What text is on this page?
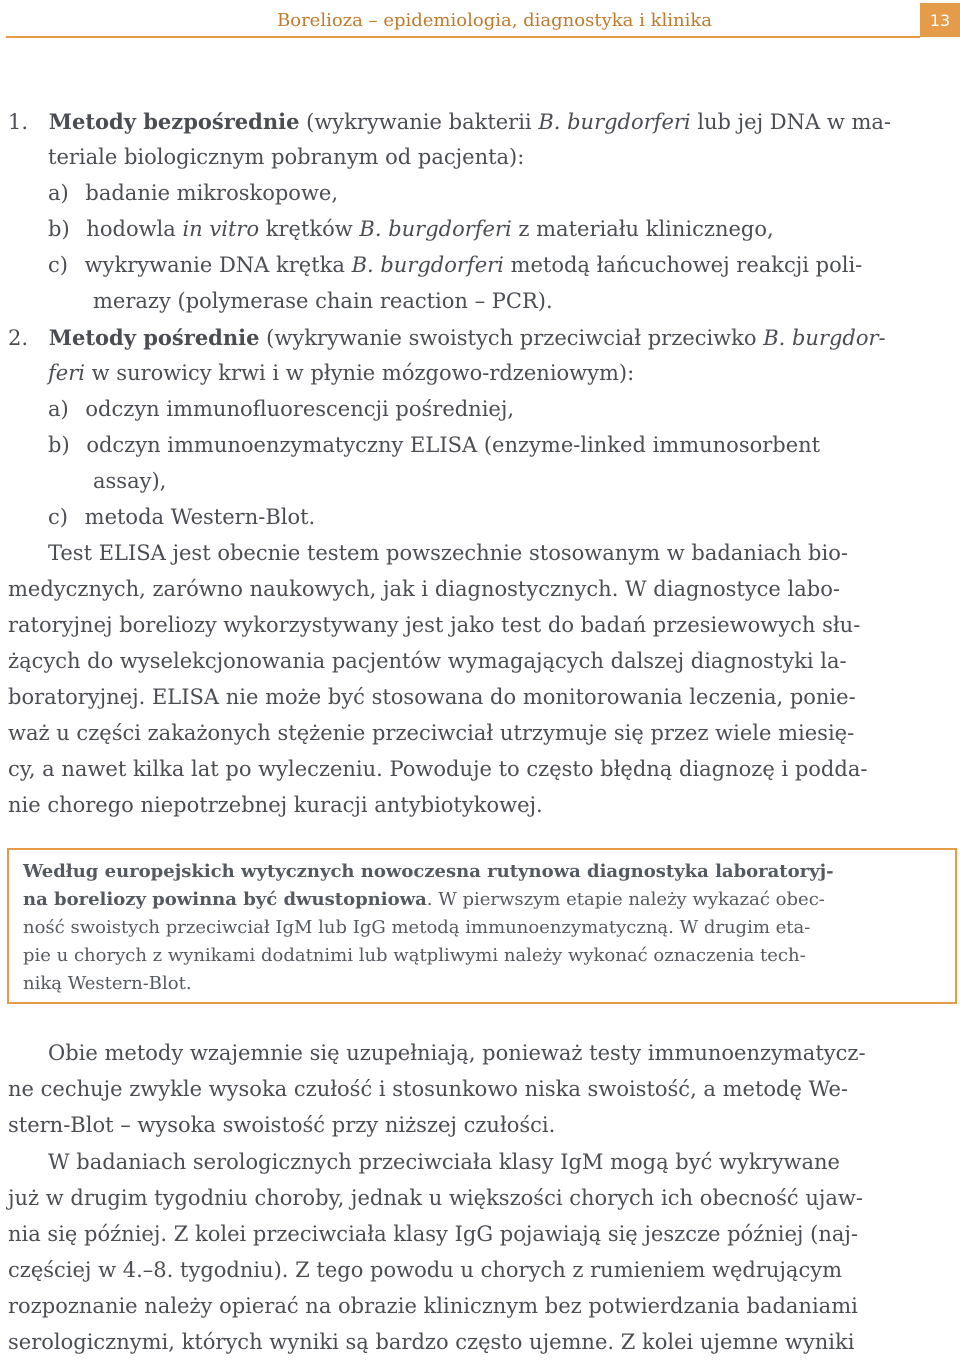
Borelioza – epidemiologia, diagnostyka i klinika	13
1. Metody bezpośrednie (wykrywanie bakterii B. burgdorferi lub jej DNA w ma-
teriale biologicznym pobranym od pacjenta):
a) badanie mikroskopowe,
b) hodowla in vitro krętków B. burgdorferi z materiału klinicznego,
c) wykrywanie DNA krętka B. burgdorferi metodą łańcuchowej reakcji poli-
merazy (polymerase chain reaction – PCR).
2. Metody pośrednie (wykrywanie swoistych przeciwciał przeciwko B. burgdor-
feri w surowicy krwi i w płynie mózgowo-rdzeniowym):
a) odczyn immunofluorescencji pośredniej,
b) odczyn immunoenzymatyczny ELISA (enzyme-linked immunosorbent
assay),
c) metoda Western-Blot.
Test ELISA jest obecnie testem powszechnie stosowanym w badaniach bio-
medycznych, zarówno naukowych, jak i diagnostycznych. W diagnostyce labo-
ratoryjnej boreliozy wykorzystywany jest jako test do badań przesiewowych słu-
żących do wyselekcjonowania pacjentów wymagających dalszej diagnostyki la-
boratoryjnej. ELISA nie może być stosowana do monitorowania leczenia, ponie-
waż u części zakażonych stężenie przeciwciał utrzymuje się przez wiele miesię-
cy, a nawet kilka lat po wyleczeniu. Powoduje to często błędną diagnozę i podda-
nie chorego niepotrzebnej kuracji antybiotykowej.
Według europejskich wytycznych nowoczesna rutynowa diagnostyka laboratoryj-
na boreliozy powinna być dwustopniowa. W pierwszym etapie należy wykazać obec-
ność swoistych przeciwciał IgM lub IgG metodą immunoenzymatyczną. W drugim eta-
pie u chorych z wynikami dodatnimi lub wątpliwymi należy wykonać oznaczenia tech-
niką Western-Blot.
Obie metody wzajemnie się uzupełniają, ponieważ testy immunoenzymatycz-
ne cechuje zwykle wysoka czułość i stosunkowo niska swoistość, a metodę We-
stern-Blot – wysoka swoistość przy niższej czułości.
W badaniach serologicznych przeciwciała klasy IgM mogą być wykrywane
już w drugim tygodniu choroby, jednak u większości chorych ich obecność ujaw-
nia się później. Z kolei przeciwciała klasy IgG pojawiają się jeszcze później (naj-
częściej w 4.–8. tygodniu). Z tego powodu u chorych z rumieniem wędrującym
rozpoznanie należy opierać na obrazie klinicznym bez potwierdzania badaniami
serologicznymi, których wyniki są bardzo często ujemne. Z kolei ujemne wyniki
